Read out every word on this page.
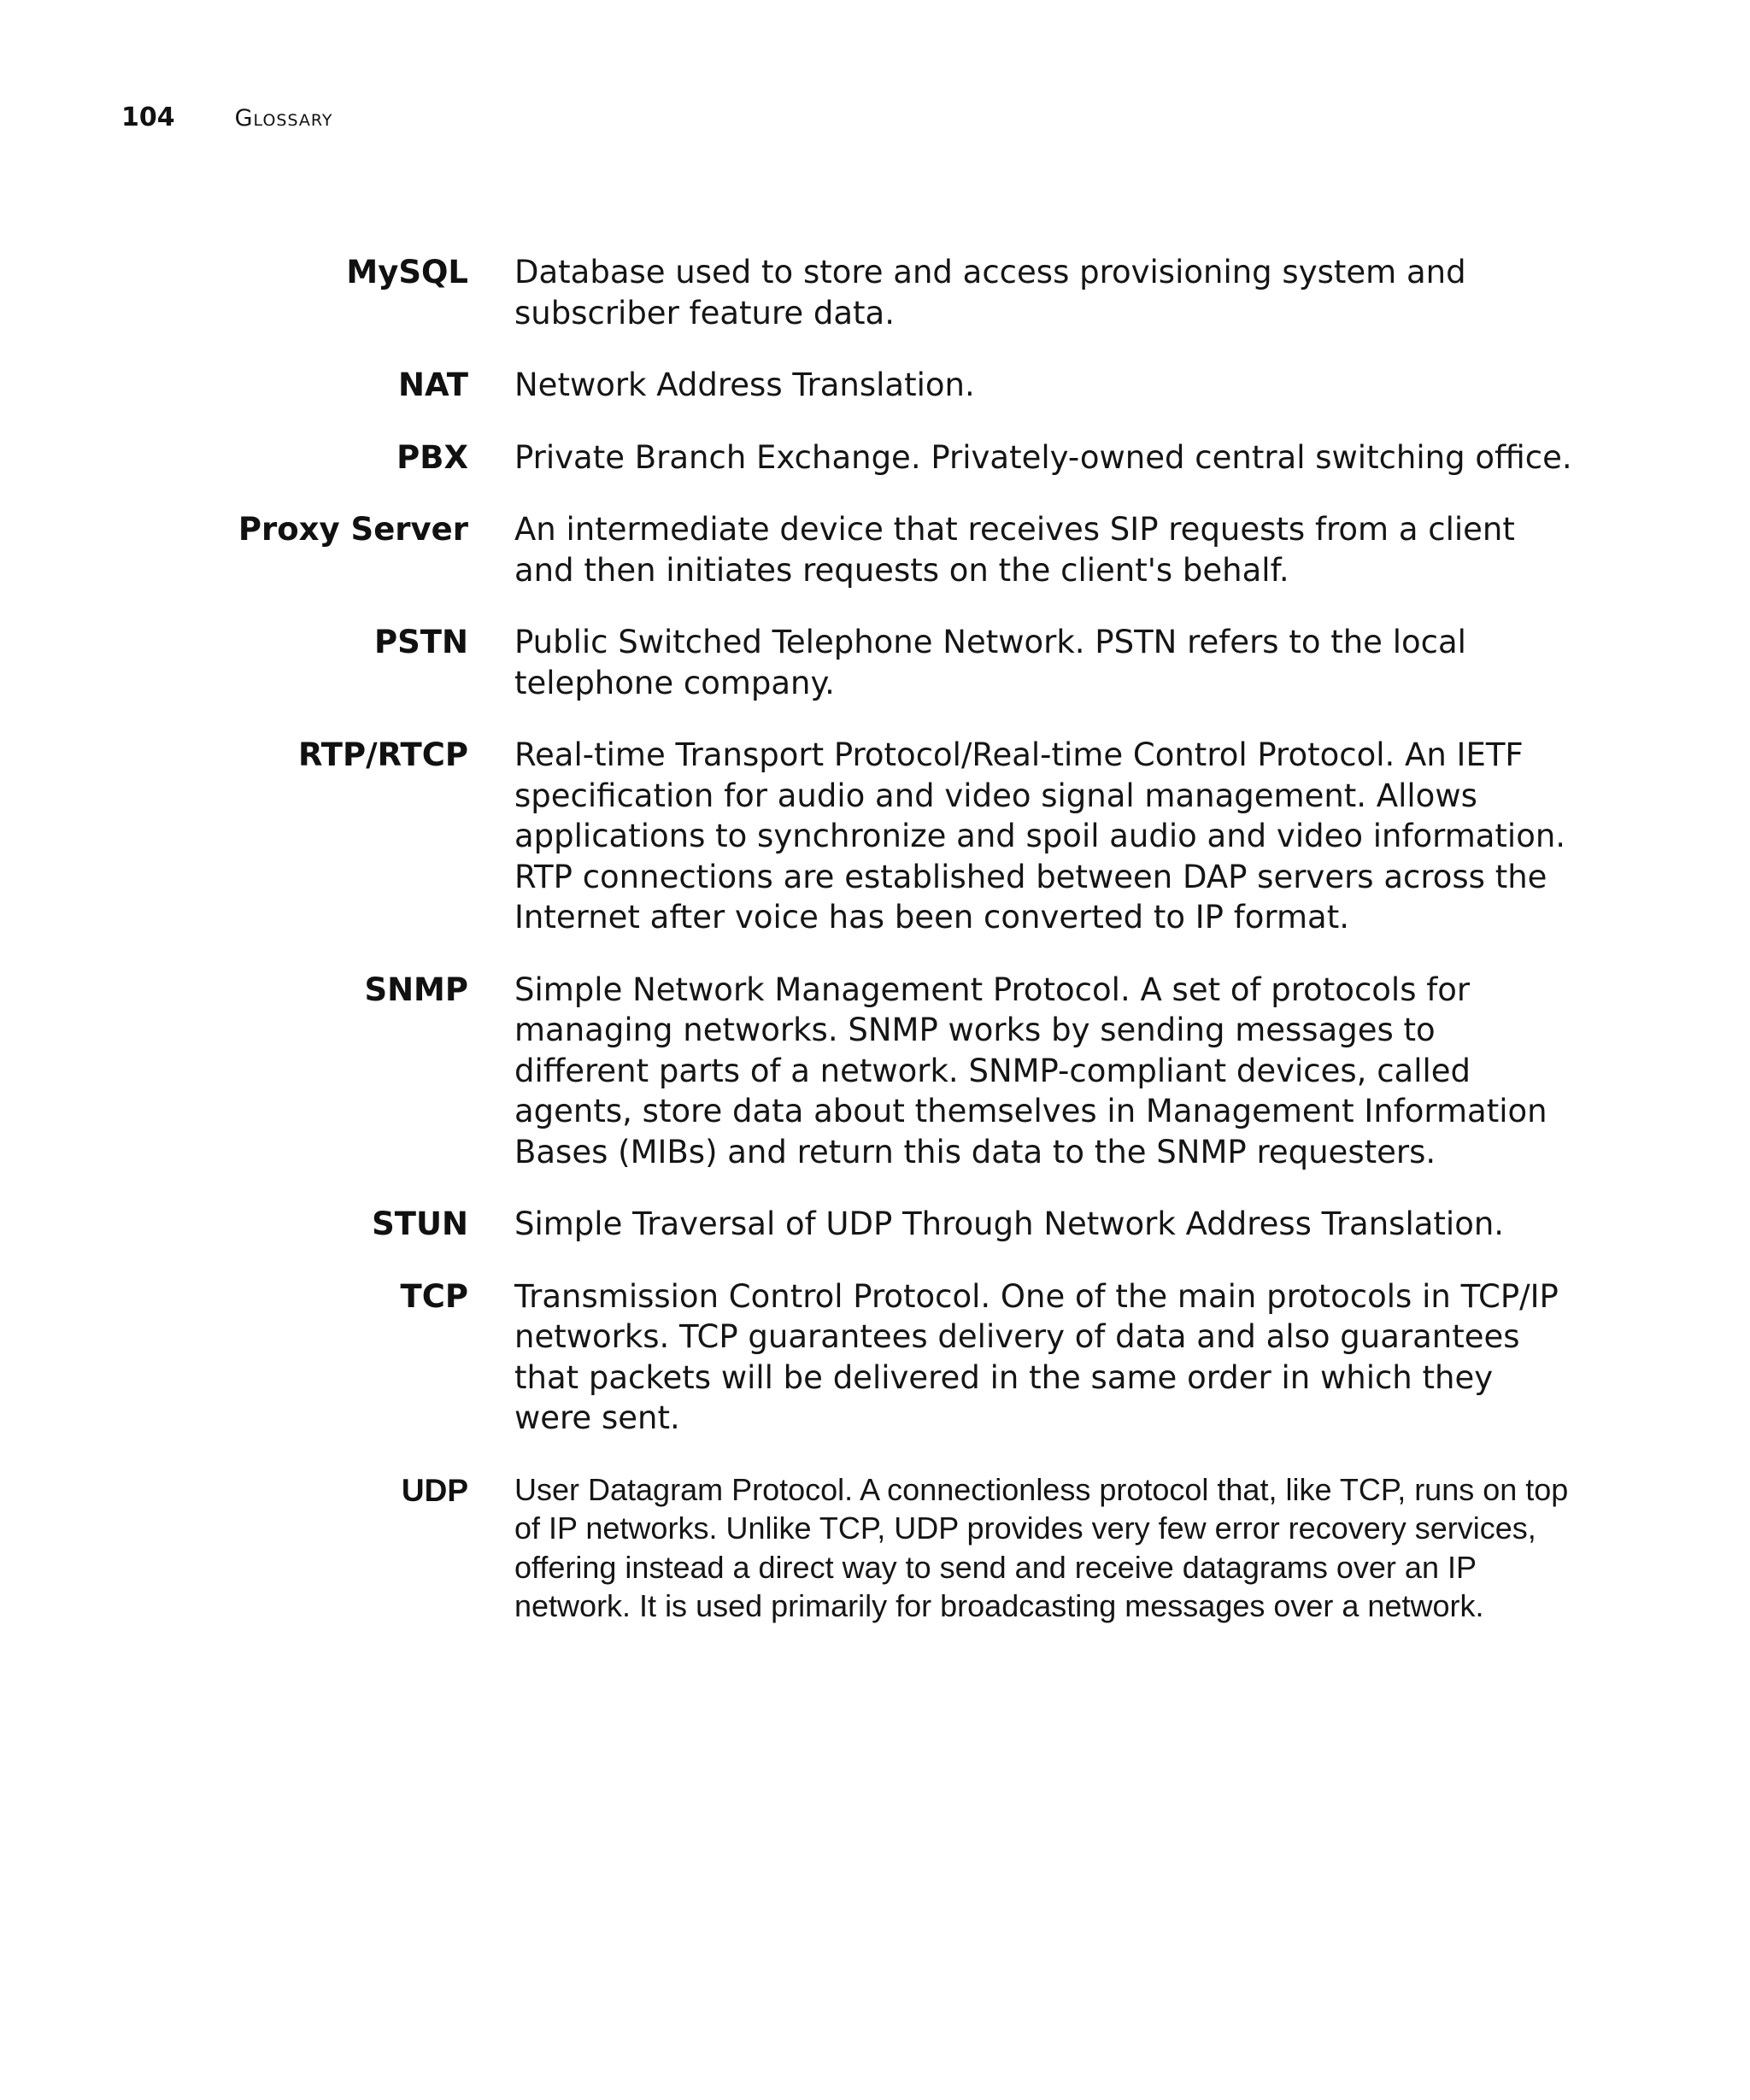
104	Glossary
MySQL Database used to store and access provisioning system and subscriber feature data.
NAT Network Address Translation.
PBX Private Branch Exchange. Privately-owned central switching office.
Proxy Server An intermediate device that receives SIP requests from a client and then initiates requests on the client's behalf.
PSTN Public Switched Telephone Network. PSTN refers to the local telephone company.
RTP/RTCP Real-time Transport Protocol/Real-time Control Protocol. An IETF specification for audio and video signal management. Allows applications to synchronize and spoil audio and video information. RTP connections are established between DAP servers across the Internet after voice has been converted to IP format.
SNMP Simple Network Management Protocol. A set of protocols for managing networks. SNMP works by sending messages to different parts of a network. SNMP-compliant devices, called agents, store data about themselves in Management Information Bases (MIBs) and return this data to the SNMP requesters.
STUN Simple Traversal of UDP Through Network Address Translation.
TCP Transmission Control Protocol. One of the main protocols in TCP/IP networks. TCP guarantees delivery of data and also guarantees that packets will be delivered in the same order in which they were sent.
UDP User Datagram Protocol. A connectionless protocol that, like TCP, runs on top of IP networks. Unlike TCP, UDP provides very few error recovery services, offering instead a direct way to send and receive datagrams over an IP network. It is used primarily for broadcasting messages over a network.
